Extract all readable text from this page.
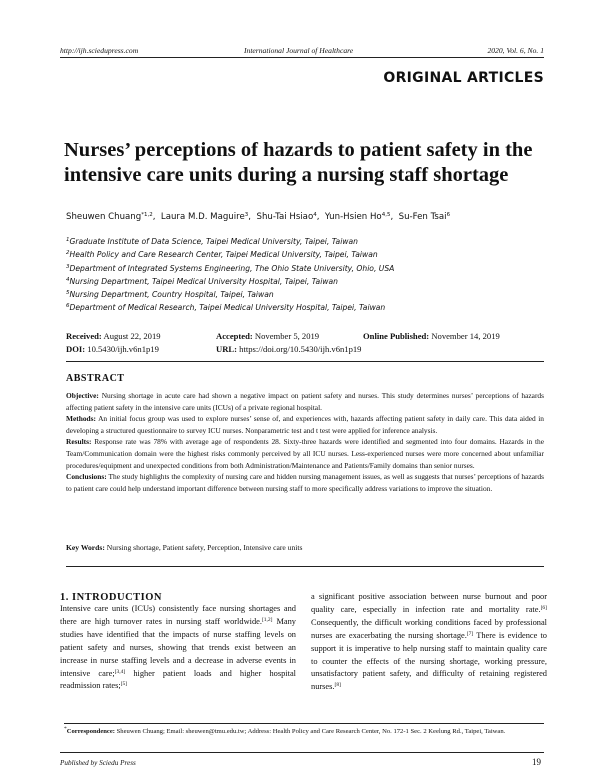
http://ijh.sciedupress.com	International Journal of Healthcare	2020, Vol. 6, No. 1
ORIGINAL ARTICLES
Nurses’ perceptions of hazards to patient safety in the intensive care units during a nursing staff shortage
Sheuwen Chuang$^{*1,2}$,  Laura M.D. Maguire$^3$,  Shu-Tai Hsiao$^4$,  Yun-Hsien Ho$^{4,5}$,  Su-Fen Tsai$^6$
$^1$Graduate Institute of Data Science, Taipei Medical University, Taipei, Taiwan
$^2$Health Policy and Care Research Center, Taipei Medical University, Taipei, Taiwan
$^3$Department of Integrated Systems Engineering, The Ohio State University, Ohio, USA
$^4$Nursing Department, Taipei Medical University Hospital, Taipei, Taiwan
$^5$Nursing Department, Country Hospital, Taipei, Taiwan
$^6$Department of Medical Research, Taipei Medical University Hospital, Taipei, Taiwan
Received: August 22, 2019	Accepted: November 5, 2019	Online Published: November 14, 2019
DOI: 10.5430/ijh.v6n1p19	URL: https://doi.org/10.5430/ijh.v6n1p19
ABSTRACT

Objective: Nursing shortage in acute care had shown a negative impact on patient safety and nurses. This study determines nurses’ perceptions of hazards affecting patient safety in the intensive care units (ICUs) of a private regional hospital.

Methods: An initial focus group was used to explore nurses’ sense of, and experiences with, hazards affecting patient safety in daily care. This data aided in developing a structured questionnaire to survey ICU nurses. Nonparametric test and t test were applied for inference analysis.

Results: Response rate was 78% with average age of respondents 28. Sixty-three hazards were identified and segmented into four domains. Hazards in the Team/Communication domain were the highest risks commonly perceived by all ICU nurses. Less-experienced nurses were more concerned about unfamiliar procedures/equipment and unexpected conditions from both Administration/Maintenance and Patients/Family domains than senior nurses.

Conclusions: The study highlights the complexity of nursing care and hidden nursing management issues, as well as suggests that nurses’ perceptions of hazards to patient care could help understand important difference between nursing staff to more specifically address variations to improve the situation.

Key Words: Nursing shortage, Patient safety, Perception, Intensive care units
1. INTRODUCTION
Intensive care units (ICUs) consistently face nursing shortages and there are high turnover rates in nursing staff worldwide.[1,2] Many studies have identified that the impacts of nurse staffing levels on patient safety and nurses, showing that trends exist between an increase in nurse staffing levels and a decrease in adverse events in intensive care;[3,4] higher patient loads and higher hospital readmission rates;[5]
a significant positive association between nurse burnout and poor quality care, especially in infection rate and mortality rate.[6] Consequently, the difficult working conditions faced by professional nurses are exacerbating the nursing shortage.[7] There is evidence to support it is imperative to help nursing staff to maintain quality care to counter the effects of the nursing shortage, working pressure, unsatisfactory patient safety, and difficulty of retaining registered nurses.[8]
*Correspondence: Sheuwen Chuang; Email: sheuwen@tmu.edu.tw; Address: Health Policy and Care Research Center, No. 172-1 Sec. 2 Keelung Rd., Taipei, Taiwan.
Published by Sciedu Press	19
